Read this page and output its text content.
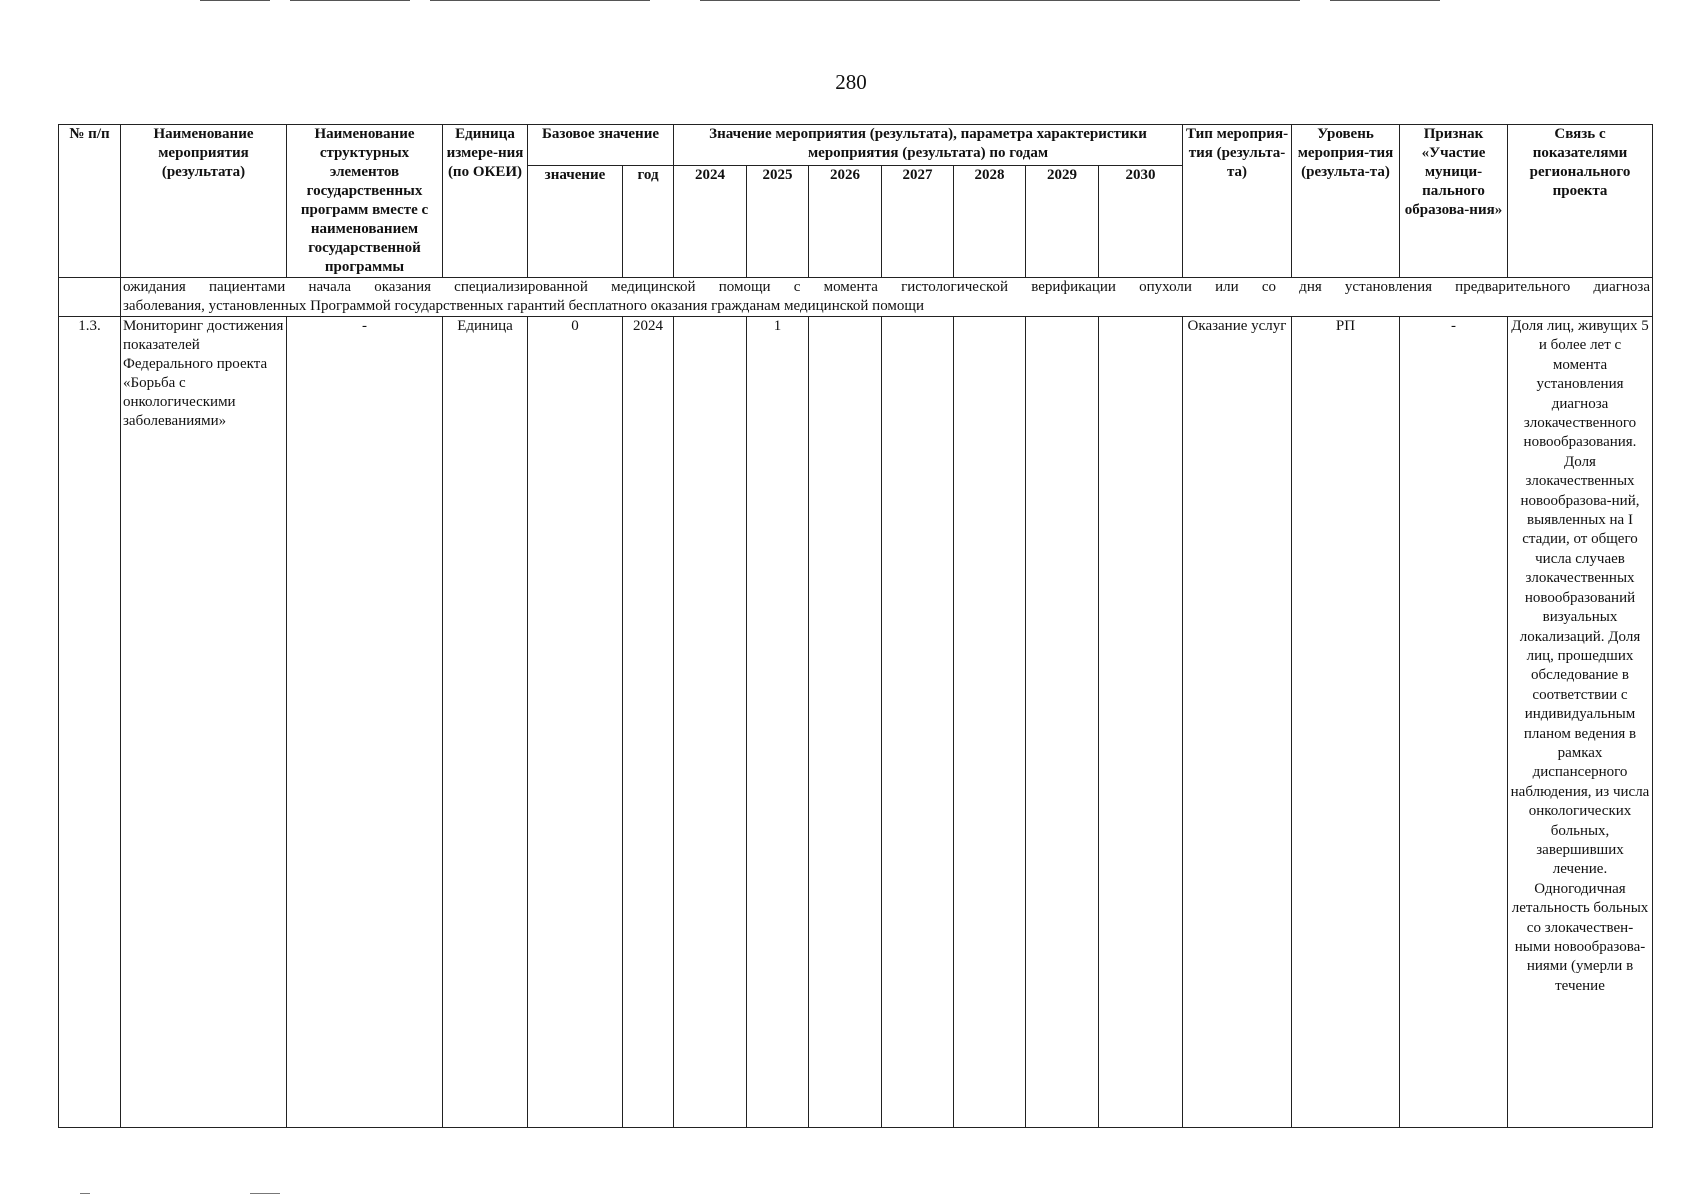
280
№ п/п	Наименование мероприятия (результата)	Наименование структурных элементов государственных программ вместе с наименованием государственной программы	Единица измере-ния (по ОКЕИ)	Базовое значение		Значение мероприятия (результата), параметра характеристики мероприятия (результата) по годам							Тип мероприя-тия (результа-та)	Уровень мероприя-тия (результа-та)	Признак «Участие муници-пального образова-ния»	Связь с показателями регионального проекта
				значение	год	2024	2025	2026	2027	2028	2029	2030				
	ожидания пациентами начала оказания специализированной медицинской помощи с момента гистологической верификации опухоли или со дня установления предварительного диагноза
заболевания, установленных Программой государственных гарантий бесплатного оказания гражданам медицинской помощи															

1.3.	Мониторинг достижения показателей Федерального проекта «Борьба с онкологическими заболеваниями»	-	Единица	0	2024		1						Оказание услуг	РП	-	Доля лиц, живущих 5 и более лет с момента установления диагноза злокачественного новообразования. Доля злокачественных новообразова-ний, выявленных на I стадии, от общего числа случаев злокачественных новообразований визуальных локализаций. Доля лиц, прошедших обследование в соответствии с индивидуальным планом ведения в рамках диспансерного наблюдения, из числа онкологических больных, завершивших лечение. Одногодичная летальность больных со злокачествен-ными новообразова-ниями (умерли в течение
